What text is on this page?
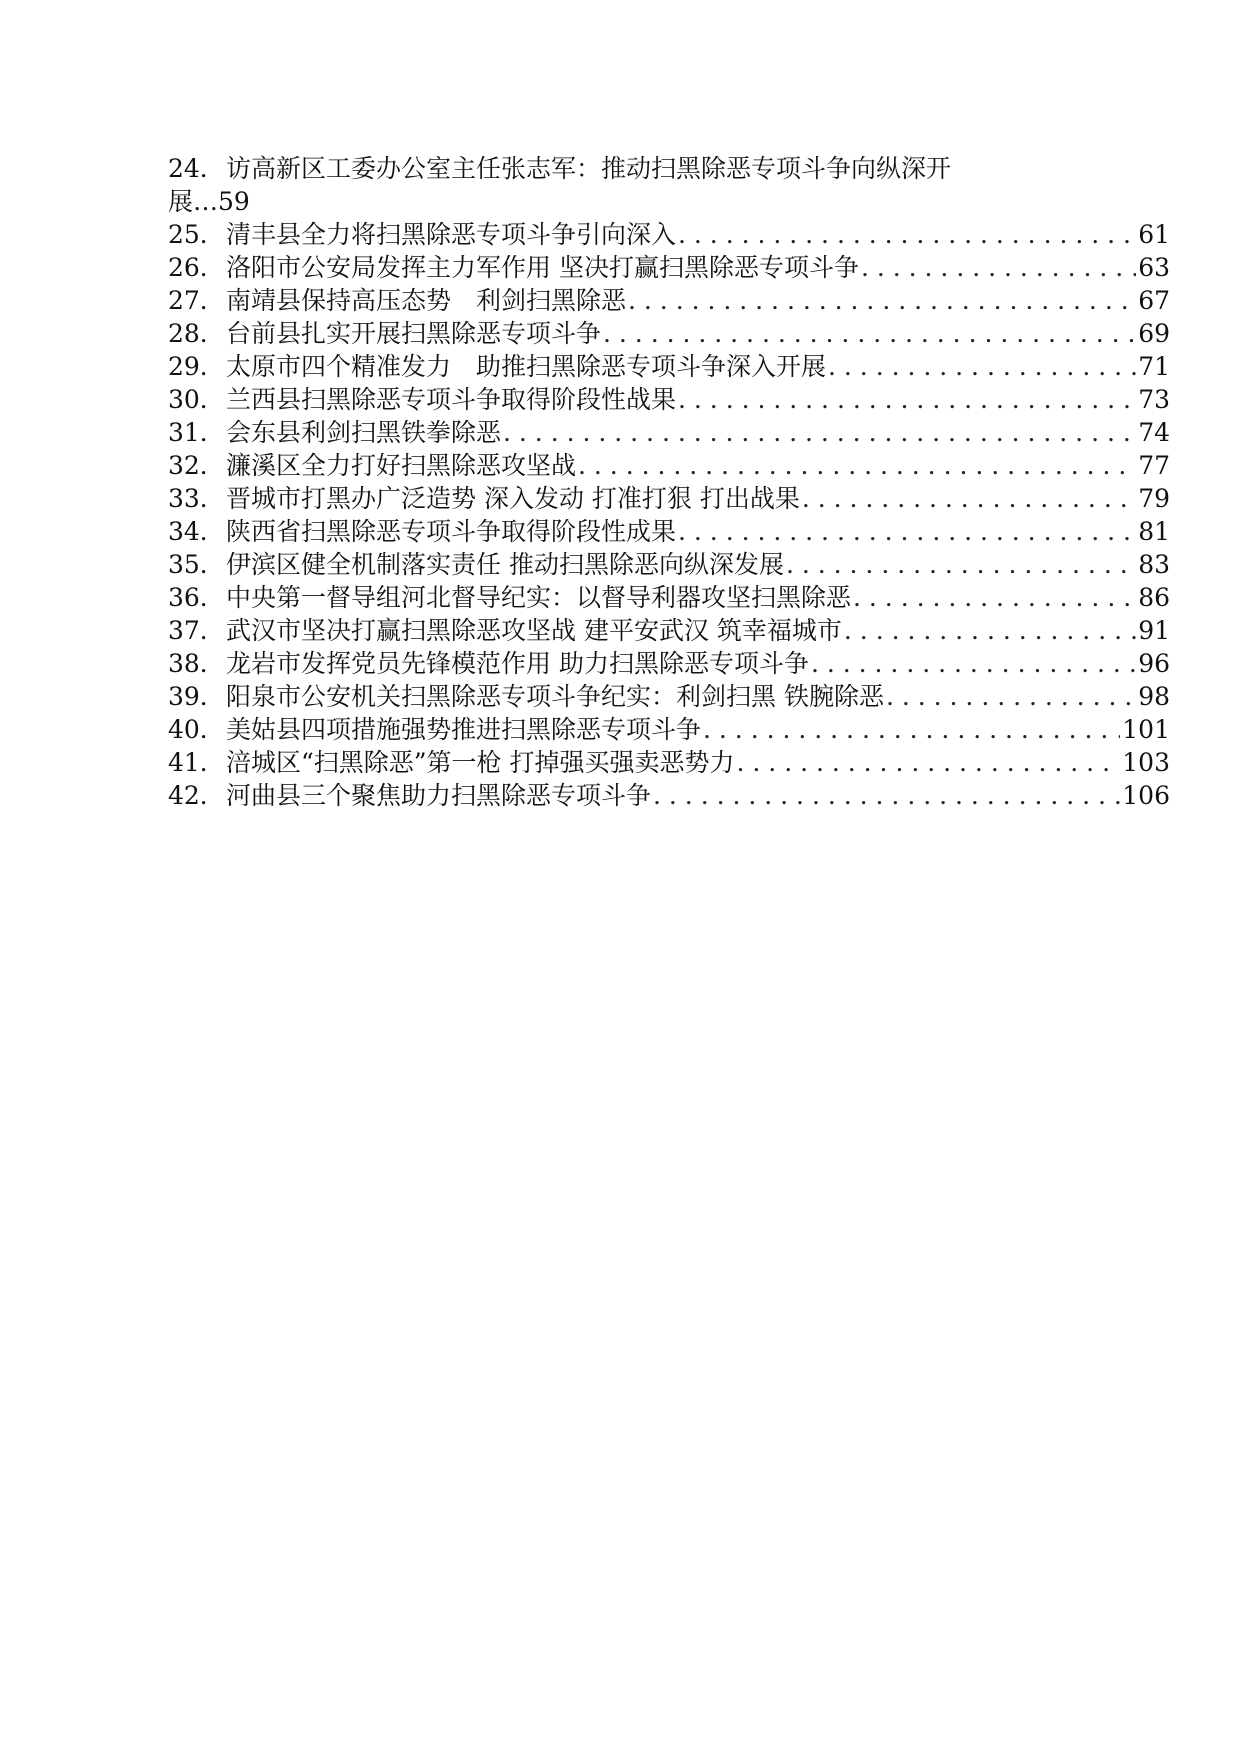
24． 访高新区工委办公室主任张志军：推动扫黑除恶专项斗争向纵深开
展…59
25． 清丰县全力将扫黑除恶专项斗争引向深入 . . .	61
26． 洛阳市公安局发挥主力军作用 坚决打赢扫黑除恶专项斗争 . . .	63
27． 南靖县保持高压态势　利剑扫黑除恶 . . .	67
28． 台前县扎实开展扫黑除恶专项斗争 . . .	69
29． 太原市四个精准发力　助推扫黑除恶专项斗争深入开展 . . .	71
30． 兰西县扫黑除恶专项斗争取得阶段性战果 . . .	73
31． 会东县利剑扫黑铁拳除恶 . . .	74
32． 濂溪区全力打好扫黑除恶攻坚战 . . .	77
33． 晋城市打黑办广泛造势 深入发动 打准打狠 打出战果 . . .	79
34． 陕西省扫黑除恶专项斗争取得阶段性成果 . . .	81
35． 伊滨区健全机制落实责任 推动扫黑除恶向纵深发展 . . .	83
36． 中央第一督导组河北督导纪实：以督导利器攻坚扫黑除恶 . . .	86
37． 武汉市坚决打赢扫黑除恶攻坚战 建平安武汉 筑幸福城市 . . .	91
38． 龙岩市发挥党员先锋模范作用 助力扫黑除恶专项斗争 . . .	96
39． 阳泉市公安机关扫黑除恶专项斗争纪实：利剑扫黑 铁腕除恶 . . .	98
40． 美姑县四项措施强势推进扫黑除恶专项斗争 . . .	101
41． 涪城区“扫黑除恶”第一枪 打掉强买强卖恶势力 . . .	103
42． 河曲县三个聚焦助力扫黑除恶专项斗争 . . .	106
